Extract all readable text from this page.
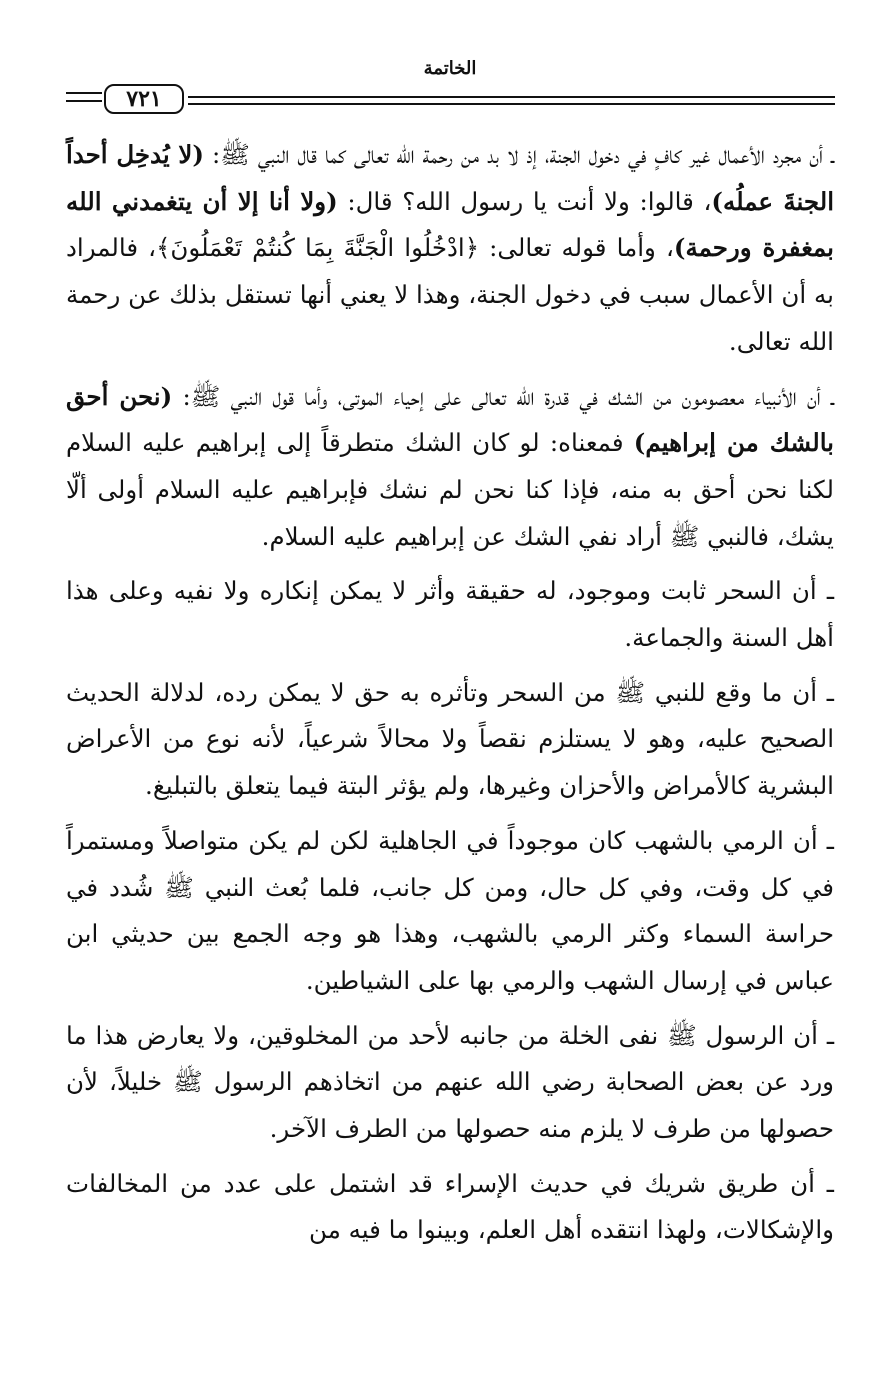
الخاتمة
٧٢١

ـ أن مجرد الأعمال غير كافٍ في دخول الجنة، إذ لا بد من رحمة الله تعالى كما قال النبي ﷺ: (لا يُدخِل أحداً الجنةَ عملُه)، قالوا: ولا أنت يا رسول الله؟ قال: (ولا أنا إلا أن يتغمدني الله بمغفرة ورحمة)، وأما قوله تعالى: ﴿ادْخُلُوا الْجَنَّةَ بِمَا كُنتُمْ تَعْمَلُونَ﴾، فالمراد به أن الأعمال سبب في دخول الجنة، وهذا لا يعني أنها تستقل بذلك عن رحمة الله تعالى.

ـ أن الأنبياء معصومون من الشك في قدرة الله تعالى على إحياء الموتى، وأما قول النبي ﷺ: (نحن أحق بالشك من إبراهيم) فمعناه: لو كان الشك متطرقاً إلى إبراهيم عليه السلام لكنا نحن أحق به منه، فإذا كنا نحن لم نشك فإبراهيم عليه السلام أولى ألّا يشك، فالنبي ﷺ أراد نفي الشك عن إبراهيم عليه السلام.

ـ أن السحر ثابت وموجود، له حقيقة وأثر لا يمكن إنكاره ولا نفيه وعلى هذا أهل السنة والجماعة.

ـ أن ما وقع للنبي ﷺ من السحر وتأثره به حق لا يمكن رده، لدلالة الحديث الصحيح عليه، وهو لا يستلزم نقصاً ولا محالاً شرعياً، لأنه نوع من الأعراض البشرية كالأمراض والأحزان وغيرها، ولم يؤثر البتة فيما يتعلق بالتبليغ.

ـ أن الرمي بالشهب كان موجوداً في الجاهلية لكن لم يكن متواصلاً ومستمراً في كل وقت، وفي كل حال، ومن كل جانب، فلما بُعث النبي ﷺ شُدد في حراسة السماء وكثر الرمي بالشهب، وهذا هو وجه الجمع بين حديثي ابن عباس في إرسال الشهب والرمي بها على الشياطين.

ـ أن الرسول ﷺ نفى الخلة من جانبه لأحد من المخلوقين، ولا يعارض هذا ما ورد عن بعض الصحابة رضي الله عنهم من اتخاذهم الرسول ﷺ خليلاً، لأن حصولها من طرف لا يلزم منه حصولها من الطرف الآخر.

ـ أن طريق شريك في حديث الإسراء قد اشتمل على عدد من المخالفات والإشكالات، ولهذا انتقده أهل العلم، وبينوا ما فيه من
